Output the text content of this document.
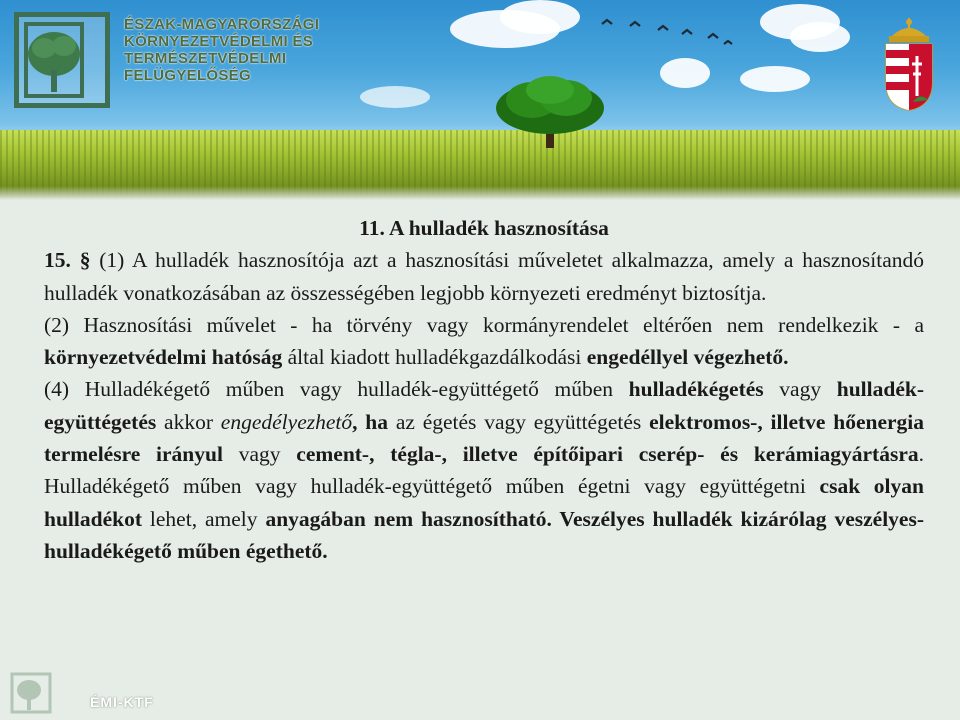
ÉSZAK-MAGYARORSZÁGI
KÖRNYEZETVÉDELMI ÉS
TERMÉSZETVÉDELMI
FELÜGYELŐSÉG

11. A hulladék hasznosítása

15. § (1) A hulladék hasznosítója azt a hasznosítási műveletet alkalmazza, amely a hasznosítandó hulladék vonatkozásában az összességében legjobb környezeti eredményt biztosítja.

(2) Hasznosítási művelet - ha törvény vagy kormányrendelet eltérően nem rendelkezik - a környezetvédelmi hatóság által kiadott hulladékgazdálkodási engedéllyel végezhető.

(4) Hulladékégető műben vagy hulladék-együttégető műben hulladékégetés vagy hulladék-együttégetés akkor engedélyezhető, ha az égetés vagy együttégetés elektromos-, illetve hőenergia termelésre irányul vagy cement-, tégla-, illetve építőipari cserép- és kerámiagyártásra. Hulladékégető műben vagy hulladék-együttégető műben égetni vagy együttégetni csak olyan hulladékot lehet, amely anyagában nem hasznosítható. Veszélyes hulladék kizárólag veszélyes-hulladékégető műben égethető.

ÉMI-KTF
